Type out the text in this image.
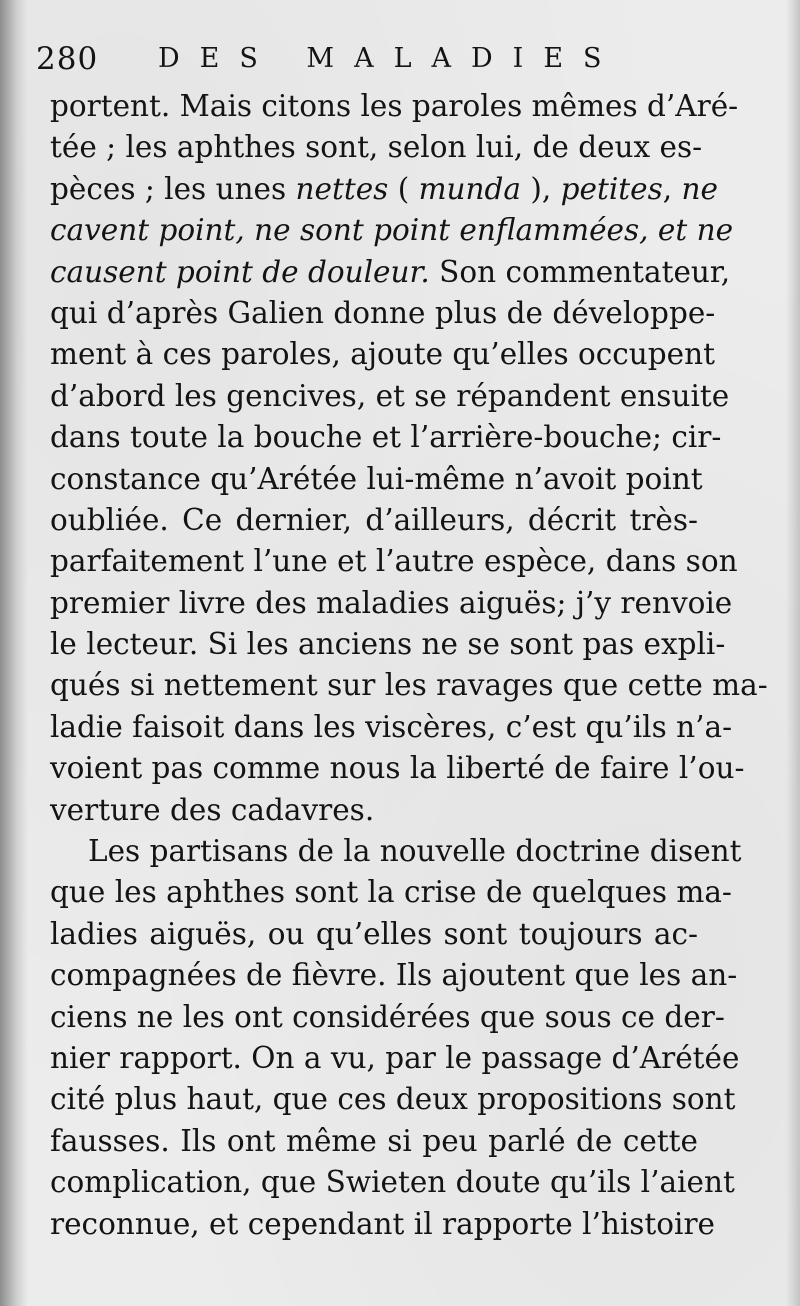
280 DES MALADIES
portent. Mais citons les paroles mêmes d’Aré-
tée ; les aphthes sont, selon lui, de deux es-
pèces ; les unes nettes ( munda ), petites, ne
cavent point, ne sont point enflammées, et ne
causent point de douleur. Son commentateur,
qui d’après Galien donne plus de développe-
ment à ces paroles, ajoute qu’elles occupent
d’abord les gencives, et se répandent ensuite
dans toute la bouche et l’arrière-bouche; cir-
constance qu’Arétée lui-même n’avoit point
oubliée. Ce dernier, d’ailleurs, décrit très-
parfaitement l’une et l’autre espèce, dans son
premier livre des maladies aiguës; j’y renvoie
le lecteur. Si les anciens ne se sont pas expli-
qués si nettement sur les ravages que cette ma-
ladie faisoit dans les viscères, c’est qu’ils n’a-
voient pas comme nous la liberté de faire l’ou-
verture des cadavres.
Les partisans de la nouvelle doctrine disent
que les aphthes sont la crise de quelques ma-
ladies aiguës, ou qu’elles sont toujours ac-
compagnées de fièvre. Ils ajoutent que les an-
ciens ne les ont considérées que sous ce der-
nier rapport. On a vu, par le passage d’Arétée
cité plus haut, que ces deux propositions sont
fausses. Ils ont même si peu parlé de cette
complication, que Swieten doute qu’ils l’aient
reconnue, et cependant il rapporte l’histoire
